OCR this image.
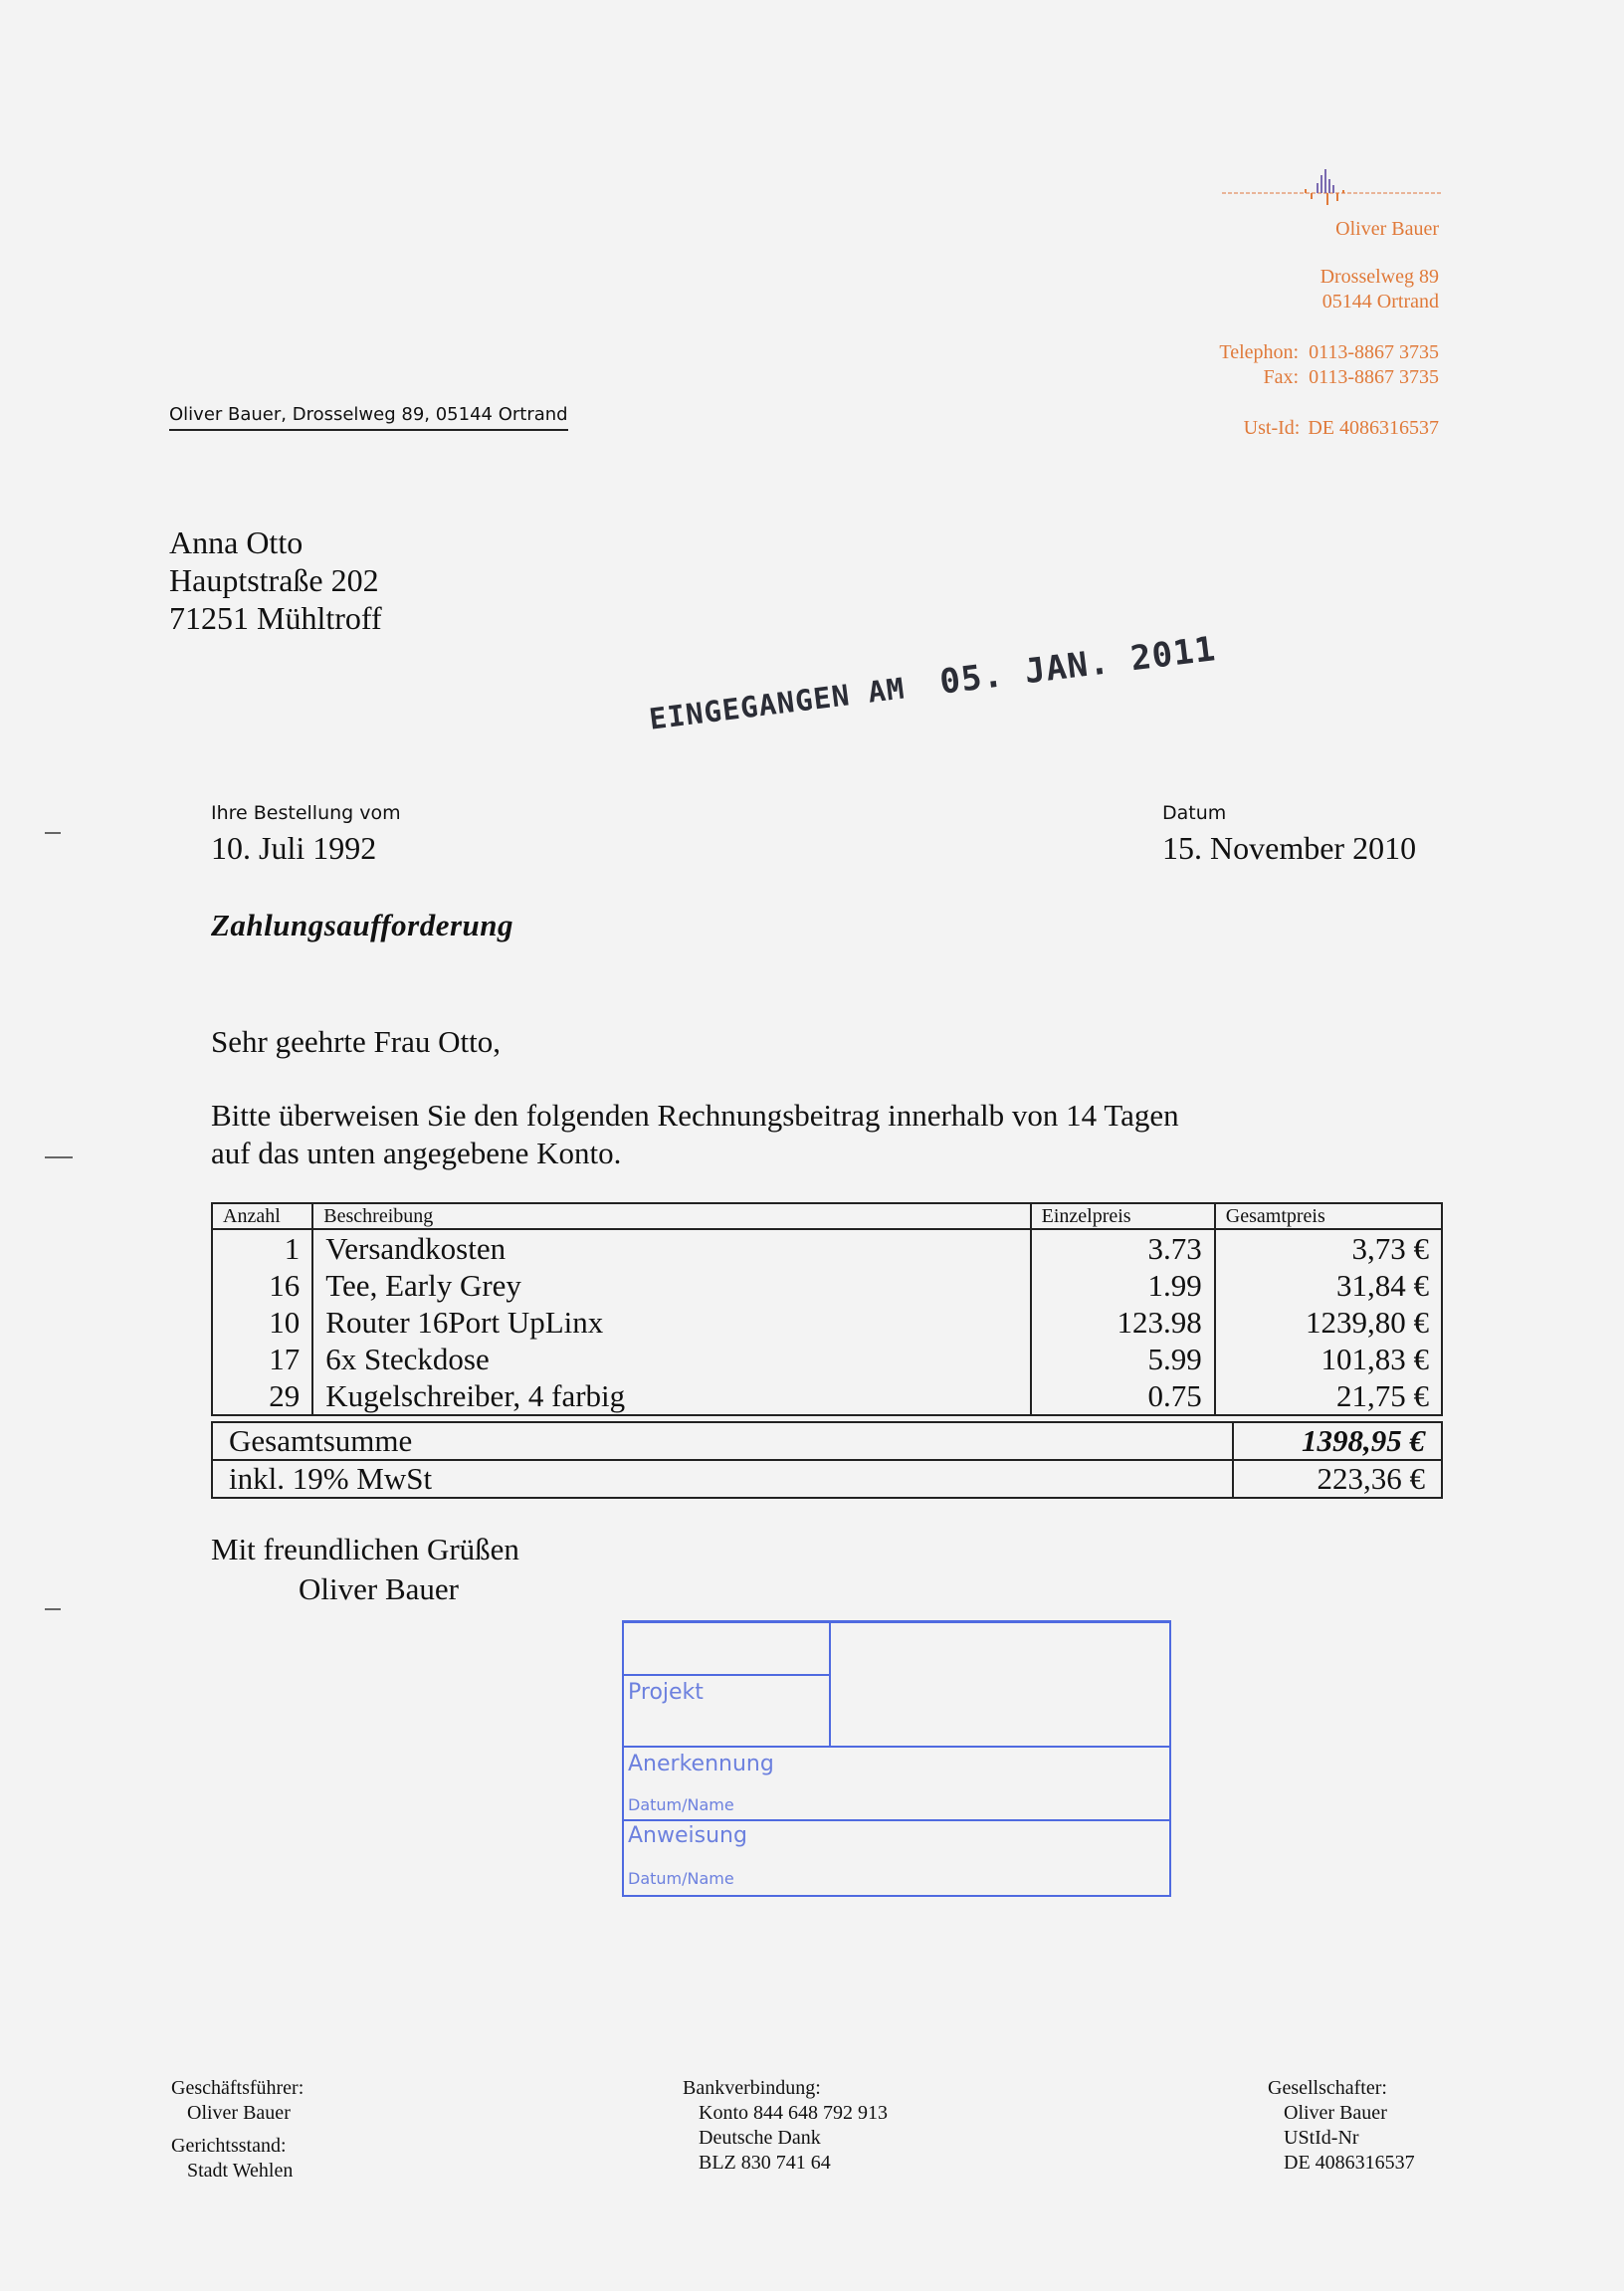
Oliver Bauer
Drosselweg 89
05144 Ortrand
Telephon: 0113-8867 3735
Fax: 0113-8867 3735
Ust-Id: DE 4086316537
Oliver Bauer, Drosselweg 89, 05144 Ortrand
Anna Otto
Hauptstraße 202
71251 Mühltroff
EINGEGANGEN AM05. JAN. 2011
Ihre Bestellung vom
10. Juli 1992
Datum
15. November 2010
Zahlungsaufforderung
Sehr geehrte Frau Otto,
Bitte überweisen Sie den folgenden Rechnungsbeitrag innerhalb von 14 Tagen
auf das unten angegebene Konto.
Anzahl	Beschreibung	Einzelpreis	Gesamtpreis
1	Versandkosten	3.73	3,73 €
16	Tee, Early Grey	1.99	31,84 €
10	Router 16Port UpLinx	123.98	1239,80 €
17	6x Steckdose	5.99	101,83 €
29	Kugelschreiber, 4 farbig	0.75	21,75 €
Gesamtsumme	1398,95 €
inkl. 19% MwSt	223,36 €
Mit freundlichen Grüßen
Oliver Bauer
Projekt
Anerkennung
Datum/Name
Anweisung
Datum/Name
Geschäftsführer:
Oliver Bauer
Gerichtsstand:
Stadt Wehlen
Bankverbindung:
Konto 844 648 792 913
Deutsche Dank
BLZ 830 741 64
Gesellschafter:
Oliver Bauer
UStId-Nr
DE 4086316537
